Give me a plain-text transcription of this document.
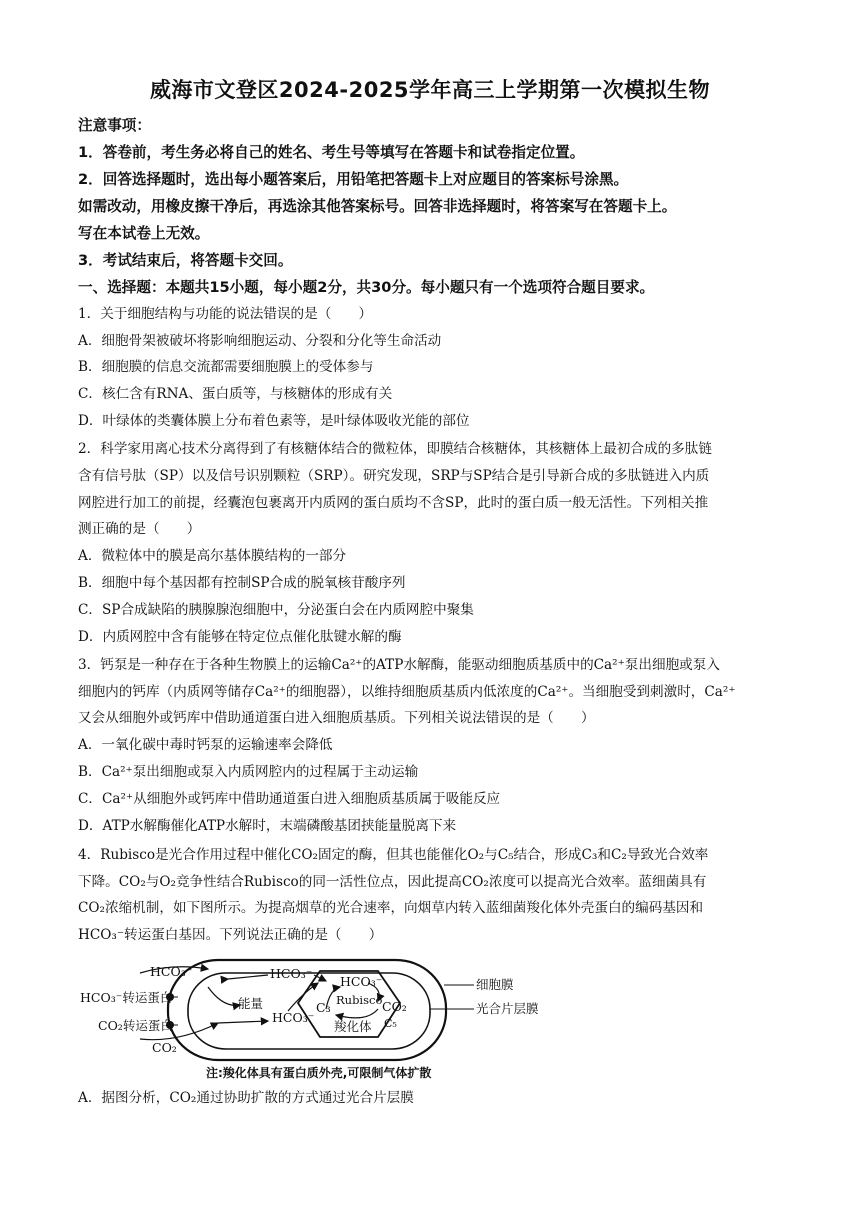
威海市文登区2024-2025学年高三上学期第一次模拟生物
注意事项：
1．答卷前，考生务必将自己的姓名、考生号等填写在答题卡和试卷指定位置。
2．回答选择题时，选出每小题答案后，用铅笔把答题卡上对应题目的答案标号涂黑。
如需改动，用橡皮擦干净后，再选涂其他答案标号。回答非选择题时，将答案写在答题卡上。
写在本试卷上无效。
3．考试结束后，将答题卡交回。
一、选择题：本题共15小题，每小题2分，共30分。每小题只有一个选项符合题目要求。
1．关于细胞结构与功能的说法错误的是（　　）
A．细胞骨架被破坏将影响细胞运动、分裂和分化等生命活动
B．细胞膜的信息交流都需要细胞膜上的受体参与
C．核仁含有RNA、蛋白质等，与核糖体的形成有关
D．叶绿体的类囊体膜上分布着色素等，是叶绿体吸收光能的部位
2．科学家用离心技术分离得到了有核糖体结合的微粒体，即膜结合核糖体，其核糖体上最初合成的多肽链
含有信号肽（SP）以及信号识别颗粒（SRP）。研究发现，SRP与SP结合是引导新合成的多肽链进入内质
网腔进行加工的前提，经囊泡包裹离开内质网的蛋白质均不含SP，此时的蛋白质一般无活性。下列相关推
测正确的是（　　）
A．微粒体中的膜是高尔基体膜结构的一部分
B．细胞中每个基因都有控制SP合成的脱氧核苷酸序列
C．SP合成缺陷的胰腺腺泡细胞中，分泌蛋白会在内质网腔中聚集
D．内质网腔中含有能够在特定位点催化肽键水解的酶
3．钙泵是一种存在于各种生物膜上的运输Ca²⁺的ATP水解酶，能驱动细胞质基质中的Ca²⁺泵出细胞或泵入
细胞内的钙库（内质网等储存Ca²⁺的细胞器），以维持细胞质基质内低浓度的Ca²⁺。当细胞受到刺激时，Ca²⁺
又会从细胞外或钙库中借助通道蛋白进入细胞质基质。下列相关说法错误的是（　　）
A．一氧化碳中毒时钙泵的运输速率会降低
B．Ca²⁺泵出细胞或泵入内质网腔内的过程属于主动运输
C．Ca²⁺从细胞外或钙库中借助通道蛋白进入细胞质基质属于吸能反应
D．ATP水解酶催化ATP水解时，末端磷酸基团挟能量脱离下来
4．Rubisco是光合作用过程中催化CO₂固定的酶，但其也能催化O₂与C₅结合，形成C₃和C₂导致光合效率
下降。CO₂与O₂竞争性结合Rubisco的同一活性位点，因此提高CO₂浓度可以提高光合效率。蓝细菌具有
CO₂浓缩机制，如下图所示。为提高烟草的光合速率，向烟草内转入蓝细菌羧化体外壳蛋白的编码基因和
HCO₃⁻转运蛋白基因。下列说法正确的是（　　）
HCO₃⁻
HCO₃⁻转运蛋白
CO₂转运蛋白
CO₂
HCO₃⁻
能量
HCO₃⁻
HCO₃⁻
Rubisco CO₂
C₃
C₅
羧化体
细胞膜
光合片层膜
注:羧化体具有蛋白质外壳,可限制气体扩散
A．据图分析，CO₂通过协助扩散的方式通过光合片层膜
